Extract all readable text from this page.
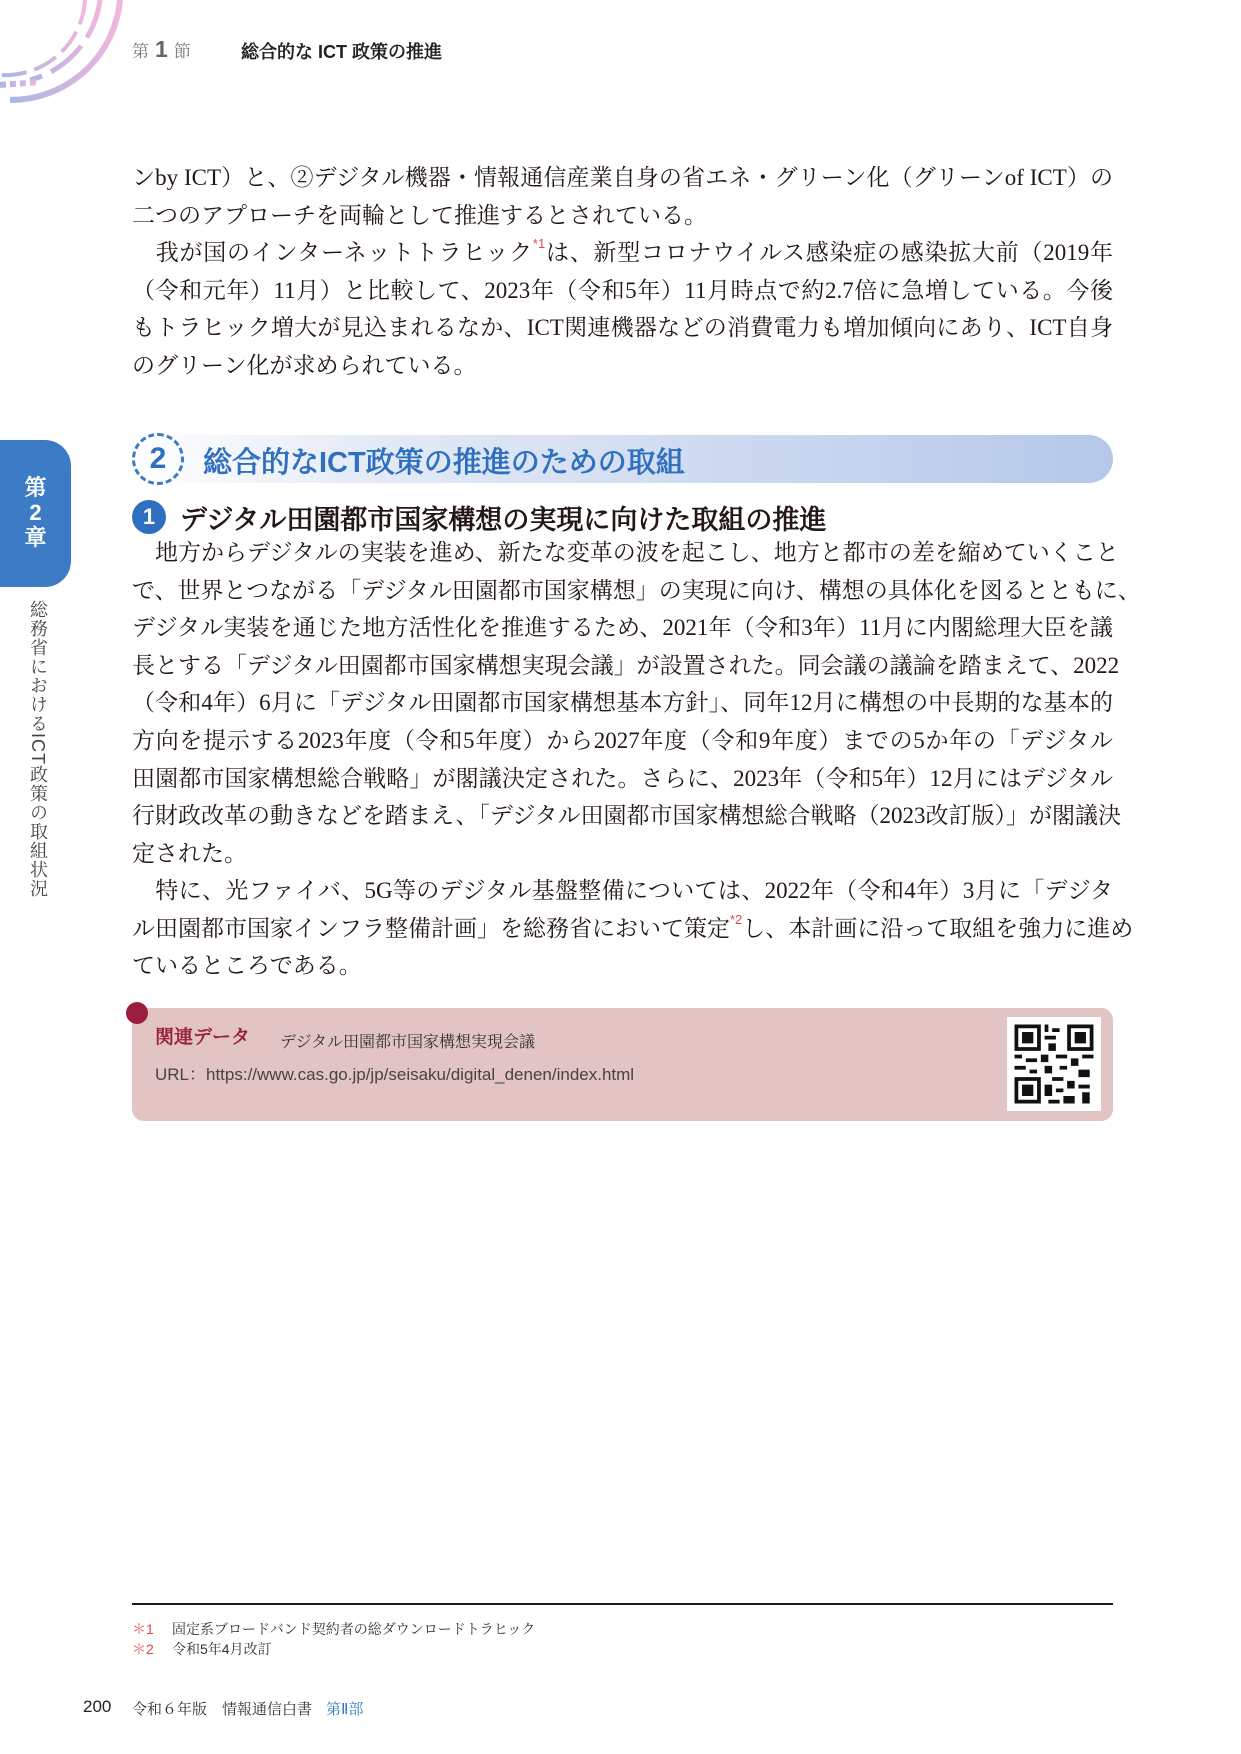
第 1 節	総合的な ICT 政策の推進
第
2
章
総務省におけるICT政策の取組状況
ンby ICT）と、②デジタル機器・情報通信産業自身の省エネ・グリーン化（グリーンof ICT）の
二つのアプローチを両輪として推進するとされている。
　我が国のインターネットトラヒック$^{*1}$は、新型コロナウイルス感染症の感染拡大前（2019年
（令和元年）11月）と比較して、2023年（令和5年）11月時点で約2.7倍に急増している。今後
もトラヒック増大が見込まれるなか、ICT関連機器などの消費電力も増加傾向にあり、ICT自身
のグリーン化が求められている。
2	総合的なICT政策の推進のための取組
1 デジタル田園都市国家構想の実現に向けた取組の推進
　地方からデジタルの実装を進め、新たな変革の波を起こし、地方と都市の差を縮めていくこと
で、世界とつながる「デジタル田園都市国家構想」の実現に向け、構想の具体化を図るとともに、
デジタル実装を通じた地方活性化を推進するため、2021年（令和3年）11月に内閣総理大臣を議
長とする「デジタル田園都市国家構想実現会議」が設置された。同会議の議論を踏まえて、2022
（令和4年）6月に「デジタル田園都市国家構想基本方針」、同年12月に構想の中長期的な基本的
方向を提示する2023年度（令和5年度）から2027年度（令和9年度）までの5か年の「デジタル
田園都市国家構想総合戦略」が閣議決定された。さらに、2023年（令和5年）12月にはデジタル
行財政改革の動きなどを踏まえ、「デジタル田園都市国家構想総合戦略（2023改訂版）」が閣議決
定された。
　特に、光ファイバ、5G等のデジタル基盤整備については、2022年（令和4年）3月に「デジタ
ル田園都市国家インフラ整備計画」を総務省において策定$^{*2}$し、本計画に沿って取組を強力に進め
ているところである。
関連データ デジタル田園都市国家構想実現会議
URL：https://www.cas.go.jp/jp/seisaku/digital_denen/index.html
＊1 固定系ブロードバンド契約者の総ダウンロードトラヒック
＊2 令和5年4月改訂
200 令和６年版　情報通信白書 第Ⅱ部
